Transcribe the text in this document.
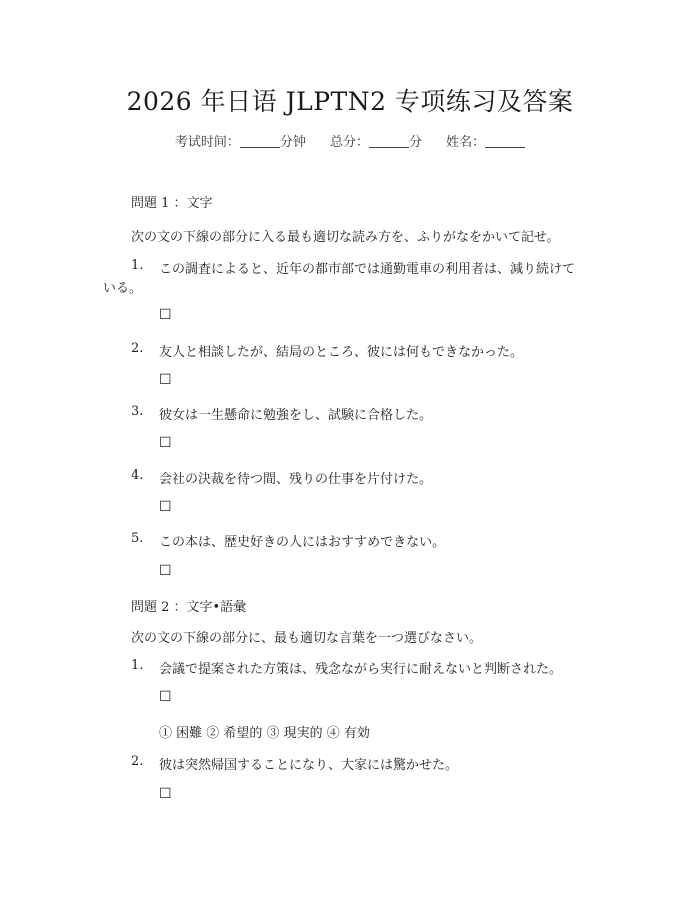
2026 年日语 JLPTN2 专项练习及答案
考试时间：	分钟 总分：	分 姓名：
問題 1 ：文字
次の文の下線の部分に入る最も適切な読み方を、ふりがなをかいて記せ。
1. この調査によると、近年の都市部では通勤電車の利用者は、減り続けて
いる。
☐
2. 友人と相談したが、結局のところ、彼には何もできなかった。
☐
3. 彼女は一生懸命に勉強をし、試験に合格した。
☐
4. 会社の決裁を待つ間、残りの仕事を片付けた。
☐
5. この本は、歴史好きの人にはおすすめできない。
☐
問題 2 ：文字•語彙
次の文の下線の部分に、最も適切な言葉を一つ選びなさい。
1. 会議で提案された方策は、残念ながら実行に耐えないと判断された。
☐
① 困難 ② 希望的 ③ 現実的 ④ 有効
2. 彼は突然帰国することになり、大家には驚かせた。
☐
